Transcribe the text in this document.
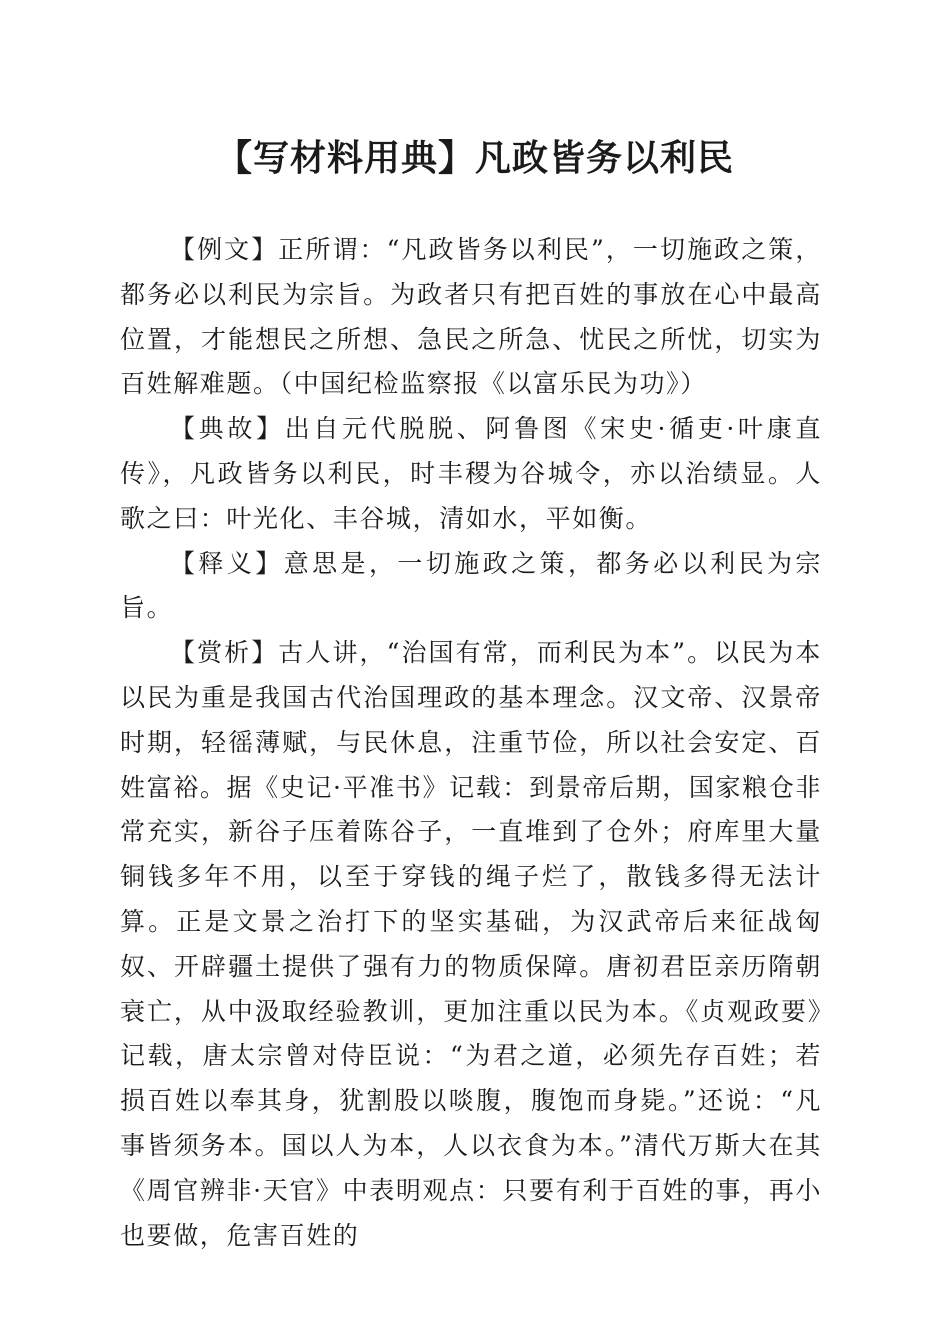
【写材料用典】凡政皆务以利民

【例文】正所谓：“凡政皆务以利民”，一切施政之策，都务必以利民为宗旨。为政者只有把百姓的事放在心中最高位置，才能想民之所想、急民之所急、忧民之所忧，切实为百姓解难题。（中国纪检监察报《以富乐民为功》）

【典故】出自元代脱脱、阿鲁图《宋史·循吏·叶康直传》，凡政皆务以利民，时丰稷为谷城令，亦以治绩显。人歌之曰：叶光化、丰谷城，清如水，平如衡。

【释义】意思是，一切施政之策，都务必以利民为宗旨。

【赏析】古人讲，“治国有常，而利民为本”。以民为本以民为重是我国古代治国理政的基本理念。汉文帝、汉景帝时期，轻徭薄赋，与民休息，注重节俭，所以社会安定、百姓富裕。据《史记·平准书》记载：到景帝后期，国家粮仓非常充实，新谷子压着陈谷子，一直堆到了仓外；府库里大量铜钱多年不用，以至于穿钱的绳子烂了，散钱多得无法计算。正是文景之治打下的坚实基础，为汉武帝后来征战匈奴、开辟疆土提供了强有力的物质保障。唐初君臣亲历隋朝衰亡，从中汲取经验教训，更加注重以民为本。《贞观政要》记载，唐太宗曾对侍臣说：“为君之道，必须先存百姓；若损百姓以奉其身，犹割股以啖腹，腹饱而身毙。”还说：“凡事皆须务本。国以人为本，人以衣食为本。”清代万斯大在其《周官辨非·天官》中表明观点：只要有利于百姓的事，再小也要做，危害百姓的
